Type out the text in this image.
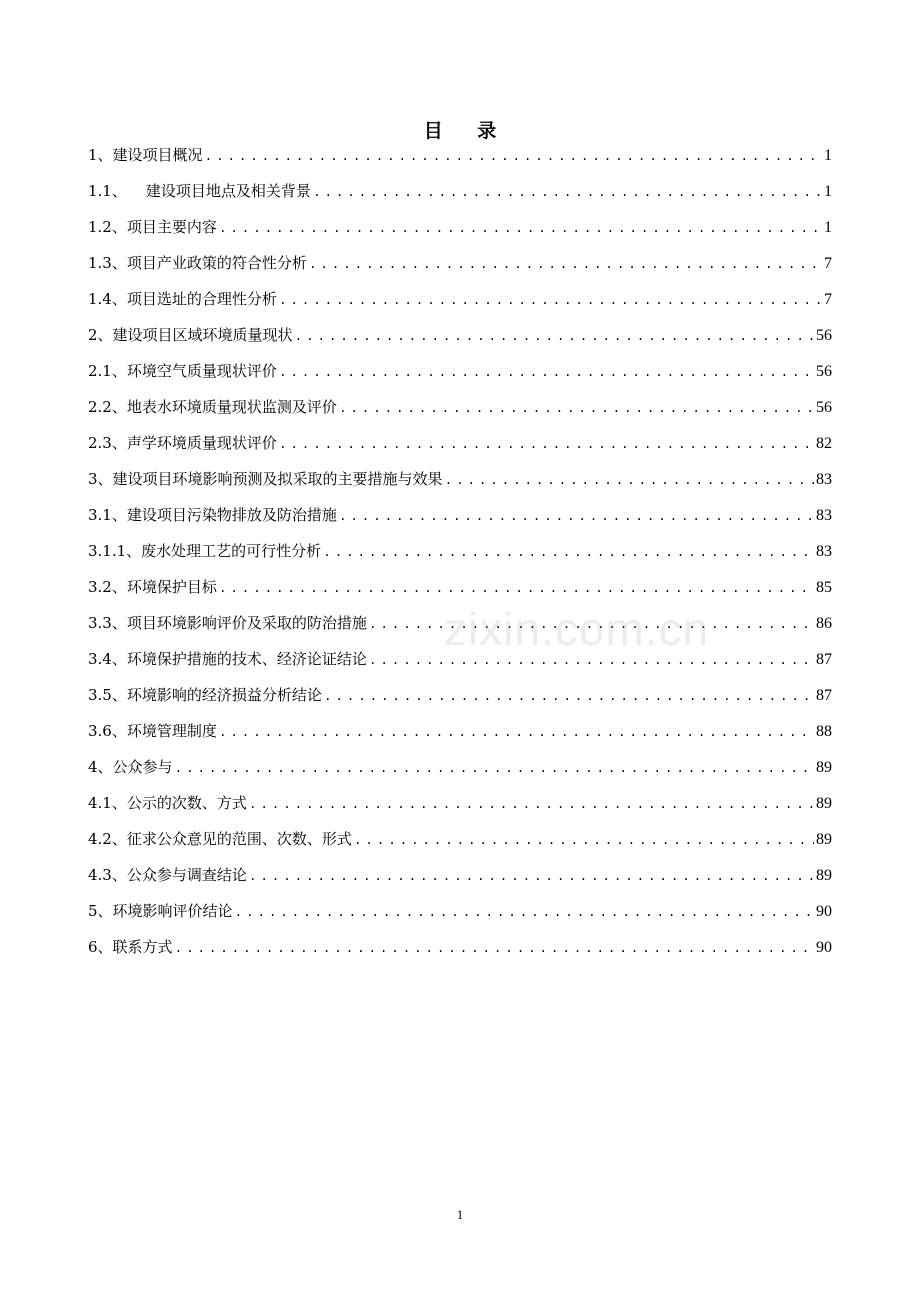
目 录
1、建设项目概况 .....	1
1.1、    建设项目地点及相关背景 .....	1
1.2、项目主要内容 .....	1
1.3、项目产业政策的符合性分析 .....	7
1.4、项目选址的合理性分析 .....	7
2、建设项目区域环境质量现状 .....	56
2.1、环境空气质量现状评价 .....	56
2.2、地表水环境质量现状监测及评价 .....	56
2.3、声学环境质量现状评价 .....	82
3、建设项目环境影响预测及拟采取的主要措施与效果 .....	83
3.1、建设项目污染物排放及防治措施 .....	83
3.1.1、废水处理工艺的可行性分析 .....	83
3.2、环境保护目标 .....	85
3.3、项目环境影响评价及采取的防治措施 .....	86
3.4、环境保护措施的技术、经济论证结论 .....	87
3.5、环境影响的经济损益分析结论 .....	87
3.6、环境管理制度 .....	88
4、公众参与 .....	89
4.1、公示的次数、方式 .....	89
4.2、征求公众意见的范围、次数、形式 .....	89
4.3、公众参与调查结论 .....	89
5、环境影响评价结论 .....	90
6、联系方式 .....	90
zixin.com.cn
1
